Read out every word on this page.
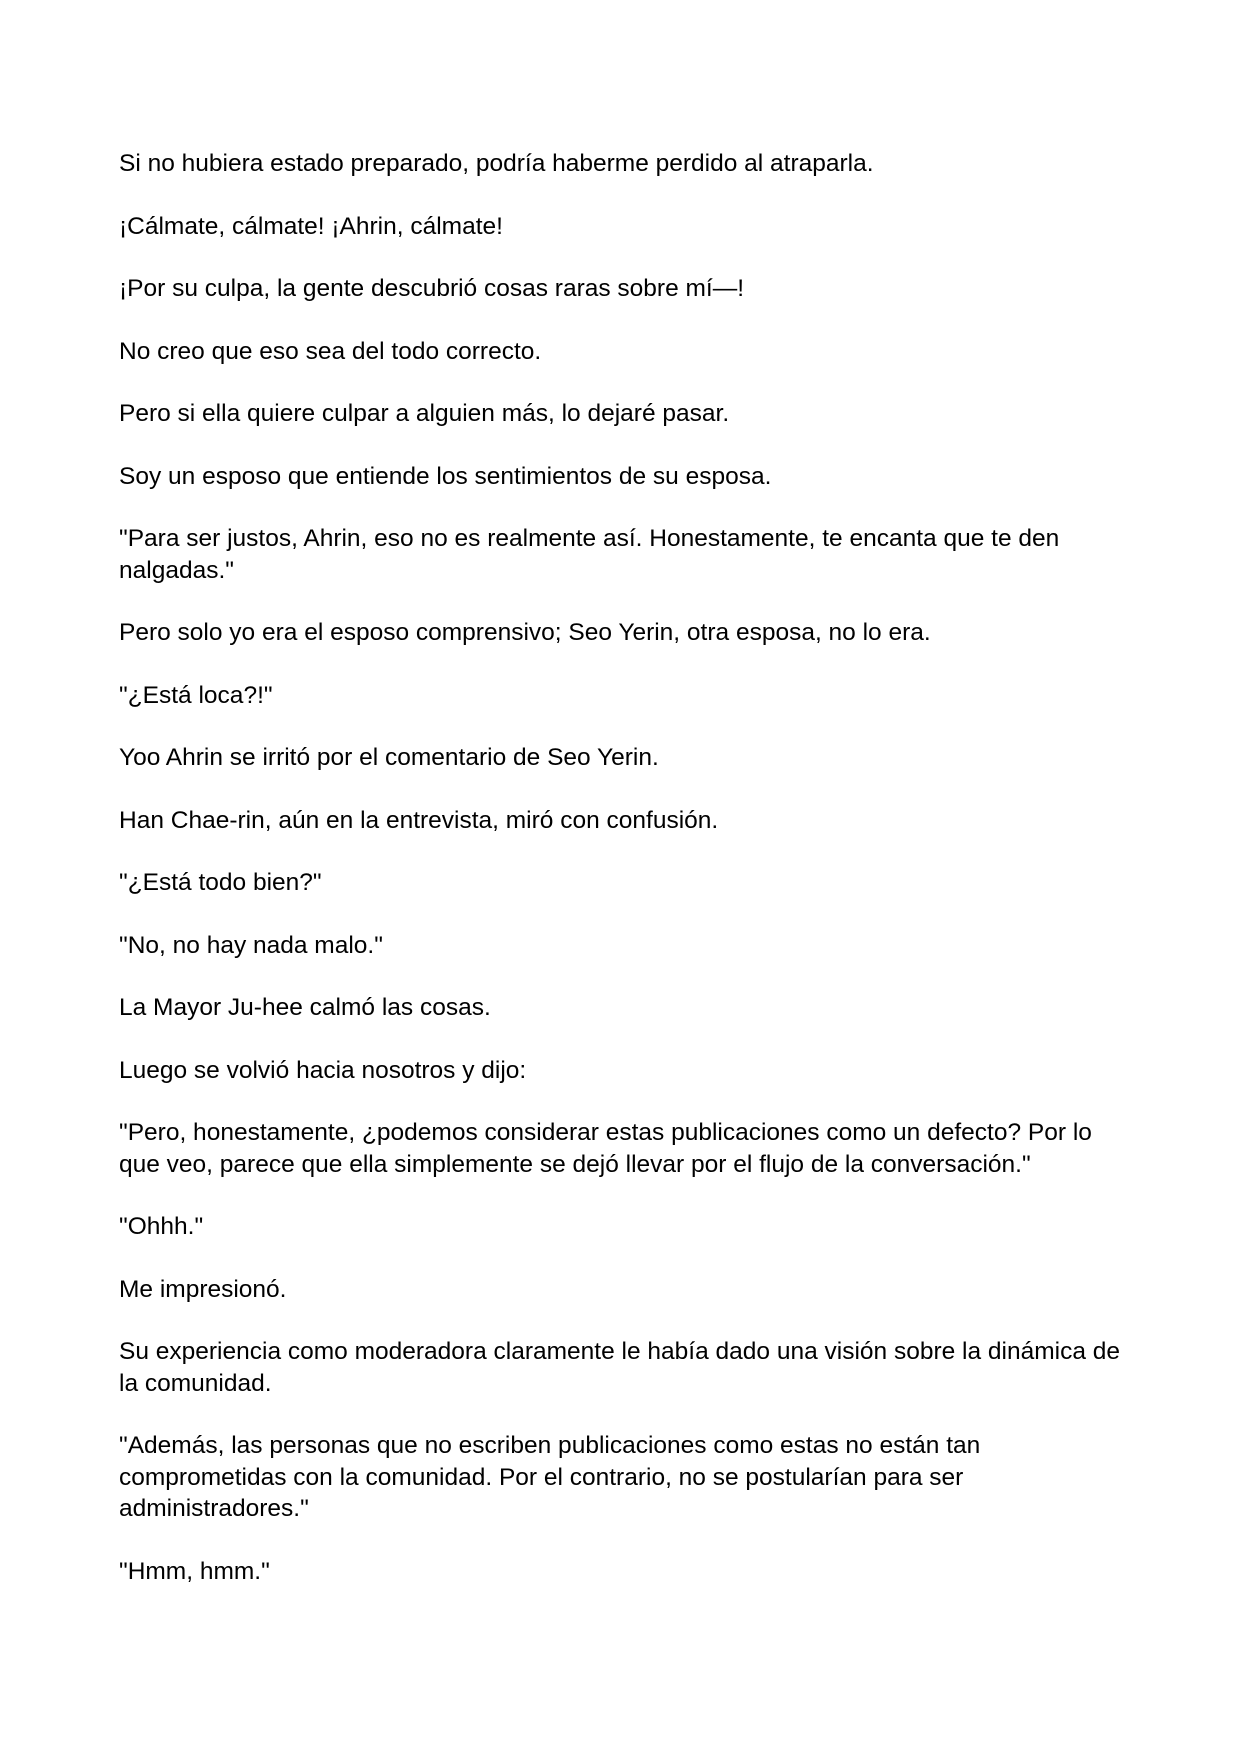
Si no hubiera estado preparado, podría haberme perdido al atraparla.

¡Cálmate, cálmate! ¡Ahrin, cálmate!

¡Por su culpa, la gente descubrió cosas raras sobre mí—!

No creo que eso sea del todo correcto.

Pero si ella quiere culpar a alguien más, lo dejaré pasar.

Soy un esposo que entiende los sentimientos de su esposa.

"Para ser justos, Ahrin, eso no es realmente así. Honestamente, te encanta que te den nalgadas."

Pero solo yo era el esposo comprensivo; Seo Yerin, otra esposa, no lo era.

"¿Está loca?!"

Yoo Ahrin se irritó por el comentario de Seo Yerin.

Han Chae-rin, aún en la entrevista, miró con confusión.

"¿Está todo bien?"

"No, no hay nada malo."

La Mayor Ju-hee calmó las cosas.

Luego se volvió hacia nosotros y dijo:

"Pero, honestamente, ¿podemos considerar estas publicaciones como un defecto? Por lo que veo, parece que ella simplemente se dejó llevar por el flujo de la conversación."

"Ohhh."

Me impresionó.

Su experiencia como moderadora claramente le había dado una visión sobre la dinámica de la comunidad.

"Además, las personas que no escriben publicaciones como estas no están tan comprometidas con la comunidad. Por el contrario, no se postularían para ser administradores."

"Hmm, hmm."
